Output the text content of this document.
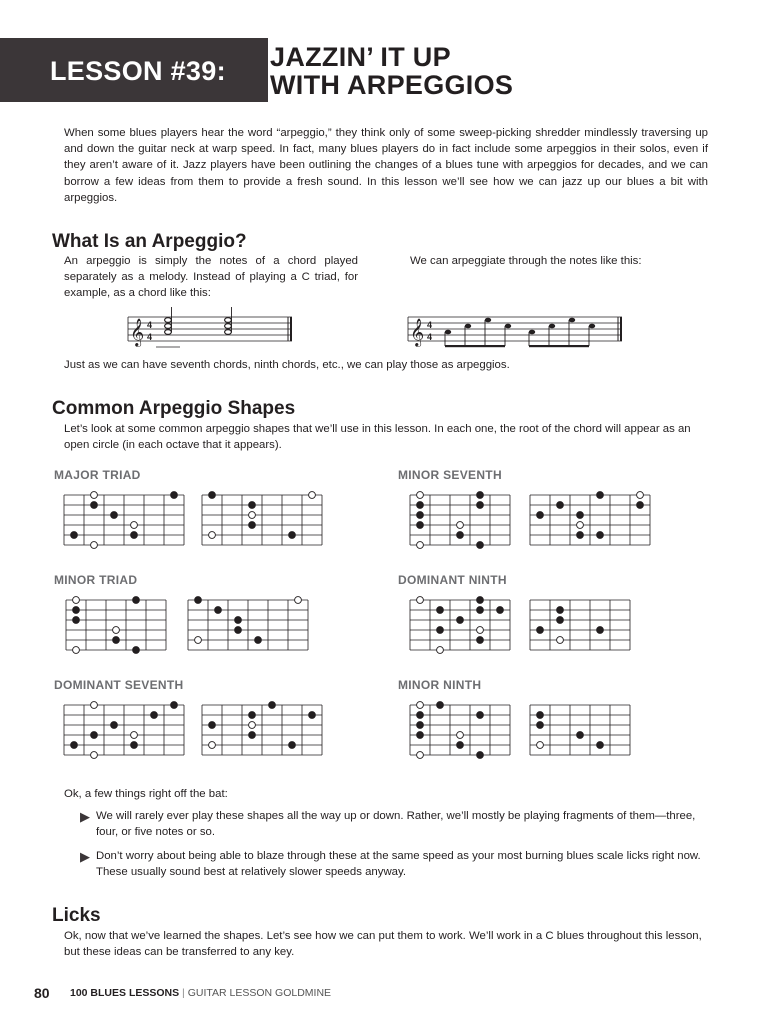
LESSON #39: JAZZIN’ IT UP
WITH ARPEGGIOS
When some blues players hear the word “arpeggio,” they think only of some sweep-picking shredder mindlessly traversing up and down the guitar neck at warp speed. In fact, many blues players do in fact include some arpeggios in their solos, even if they aren’t aware of it. Jazz players have been outlining the changes of a blues tune with arpeggios for decades, and we can borrow a few ideas from them to provide a fresh sound. In this lesson we’ll see how we can jazz up our blues a bit with arpeggios.
What Is an Arpeggio?
An arpeggio is simply the notes of a chord played separately as a melody. Instead of playing a C triad, for example, as a chord like this:
We can arpeggiate through the notes like this:
𝄞 4
4	𝄞 4
4
Just as we can have seventh chords, ninth chords, etc., we can play those as arpeggios.
Common Arpeggio Shapes
Let’s look at some common arpeggio shapes that we’ll use in this lesson. In each one, the root of the chord will appear as an open circle (in each octave that it appears).
MAJOR TRIAD	MINOR SEVENTH
MINOR TRIAD	DOMINANT NINTH
DOMINANT SEVENTH	MINOR NINTH
Ok, a few things right off the bat:
▶ We will rarely ever play these shapes all the way up or down. Rather, we’ll mostly be playing fragments of them—three, four, or five notes or so.
▶ Don’t worry about being able to blaze through these at the same speed as your most burning blues scale licks right now. These usually sound best at relatively slower speeds anyway.
Licks
Ok, now that we’ve learned the shapes. Let’s see how we can put them to work. We’ll work in a C blues throughout this lesson, but these ideas can be transferred to any key.
80 100 BLUES LESSONS | GUITAR LESSON GOLDMINE
